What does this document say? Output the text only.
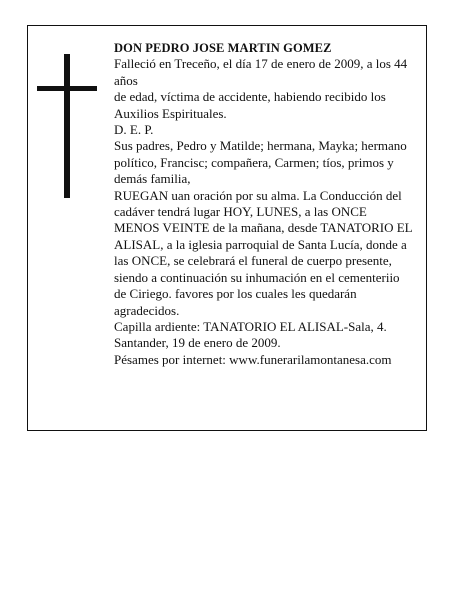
DON PEDRO JOSE MARTIN GOMEZ

Falleció en Treceño, el día 17 de enero de 2009, a los 44 años

de edad, víctima de accidente, habiendo recibido los Auxilios Espirituales.

D. E. P.

Sus padres, Pedro y Matilde; hermana, Mayka; hermano político, Francisc; compañera, Carmen; tíos, primos y demás familia,

RUEGAN uan oración por su alma. La Conducción del cadáver tendrá lugar HOY, LUNES, a las ONCE MENOS VEINTE de la mañana, desde TANATORIO EL ALISAL, a la iglesia parroquial de Santa Lucía, donde a las ONCE, se celebrará el funeral de cuerpo presente, siendo a continuación su inhumación en el cementeriio de Ciriego. favores por los cuales les quedarán agradecidos.

Capilla ardiente: TANATORIO EL ALISAL-Sala, 4.

Santander, 19 de enero de 2009.

Pésames por internet: www.funerarilamontanesa.com
